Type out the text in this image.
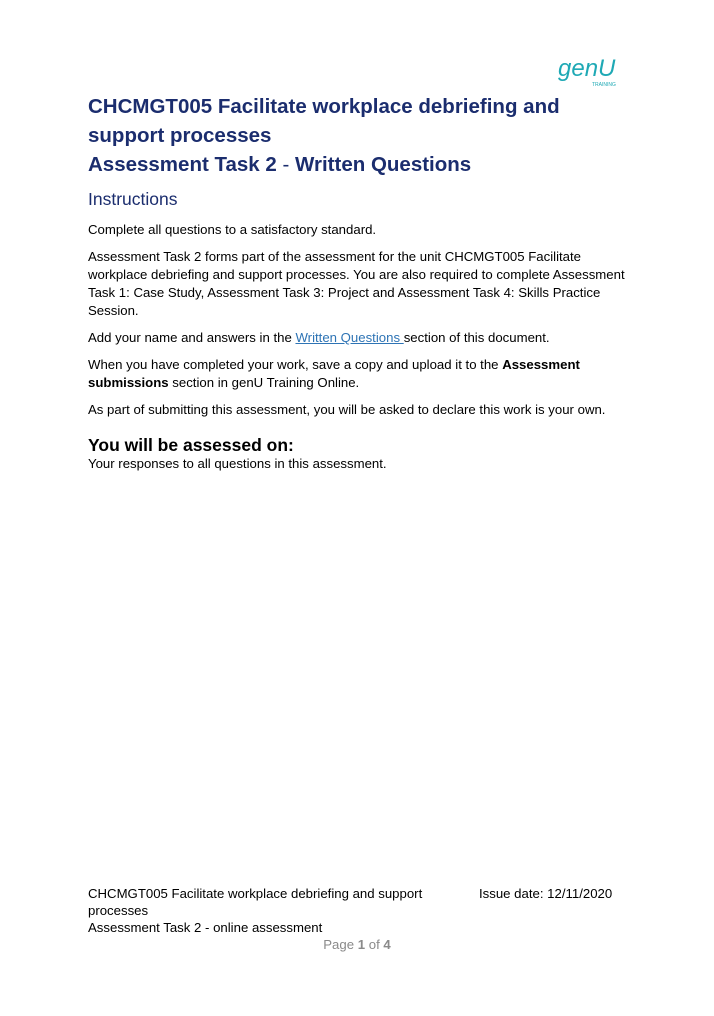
genU
TRAINING
CHCMGT005 Facilitate workplace debriefing and support processes
Assessment Task 2 - Written Questions
Instructions

Complete all questions to a satisfactory standard.

Assessment Task 2 forms part of the assessment for the unit CHCMGT005 Facilitate workplace debriefing and support processes. You are also required to complete Assessment Task 1: Case Study, Assessment Task 3: Project and Assessment Task 4: Skills Practice Session.

Add your name and answers in the Written Questions section of this document.

When you have completed your work, save a copy and upload it to the Assessment submissions section in genU Training Online.

As part of submitting this assessment, you will be asked to declare this work is your own.

You will be assessed on:

Your responses to all questions in this assessment.

CHCMGT005 Facilitate workplace debriefing and support processes
Issue date: 12/11/2020
Assessment Task 2 - online assessment
Page 1 of 4
